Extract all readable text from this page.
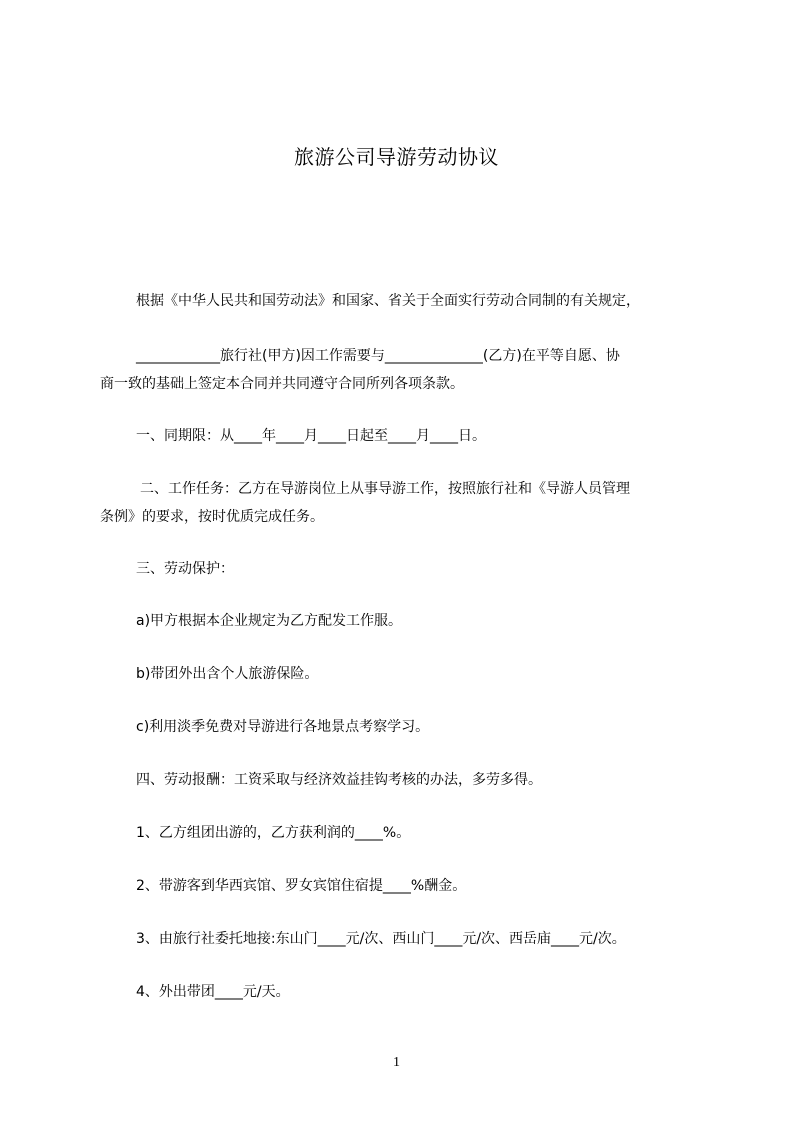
旅游公司导游劳动协议
根据《中华人民共和国劳动法》和国家、省关于全面实行劳动合同制的有关规定，
____________旅行社(甲方)因工作需要与______________(乙方)在平等自愿、协
商一致的基础上签定本合同并共同遵守合同所列各项条款。
一、同期限：从____年____月____日起至____月____日。
二、工作任务：乙方在导游岗位上从事导游工作，按照旅行社和《导游人员管理
条例》的要求，按时优质完成任务。
三、劳动保护：
a)甲方根据本企业规定为乙方配发工作服。
b)带团外出含个人旅游保险。
c)利用淡季免费对导游进行各地景点考察学习。
四、劳动报酬：工资采取与经济效益挂钩考核的办法，多劳多得。
1、乙方组团出游的，乙方获利润的____%。
2、带游客到华西宾馆、罗女宾馆住宿提____%酬金。
3、由旅行社委托地接:东山门____元/次、西山门____元/次、西岳庙____元/次。
4、外出带团____元/天。
1
